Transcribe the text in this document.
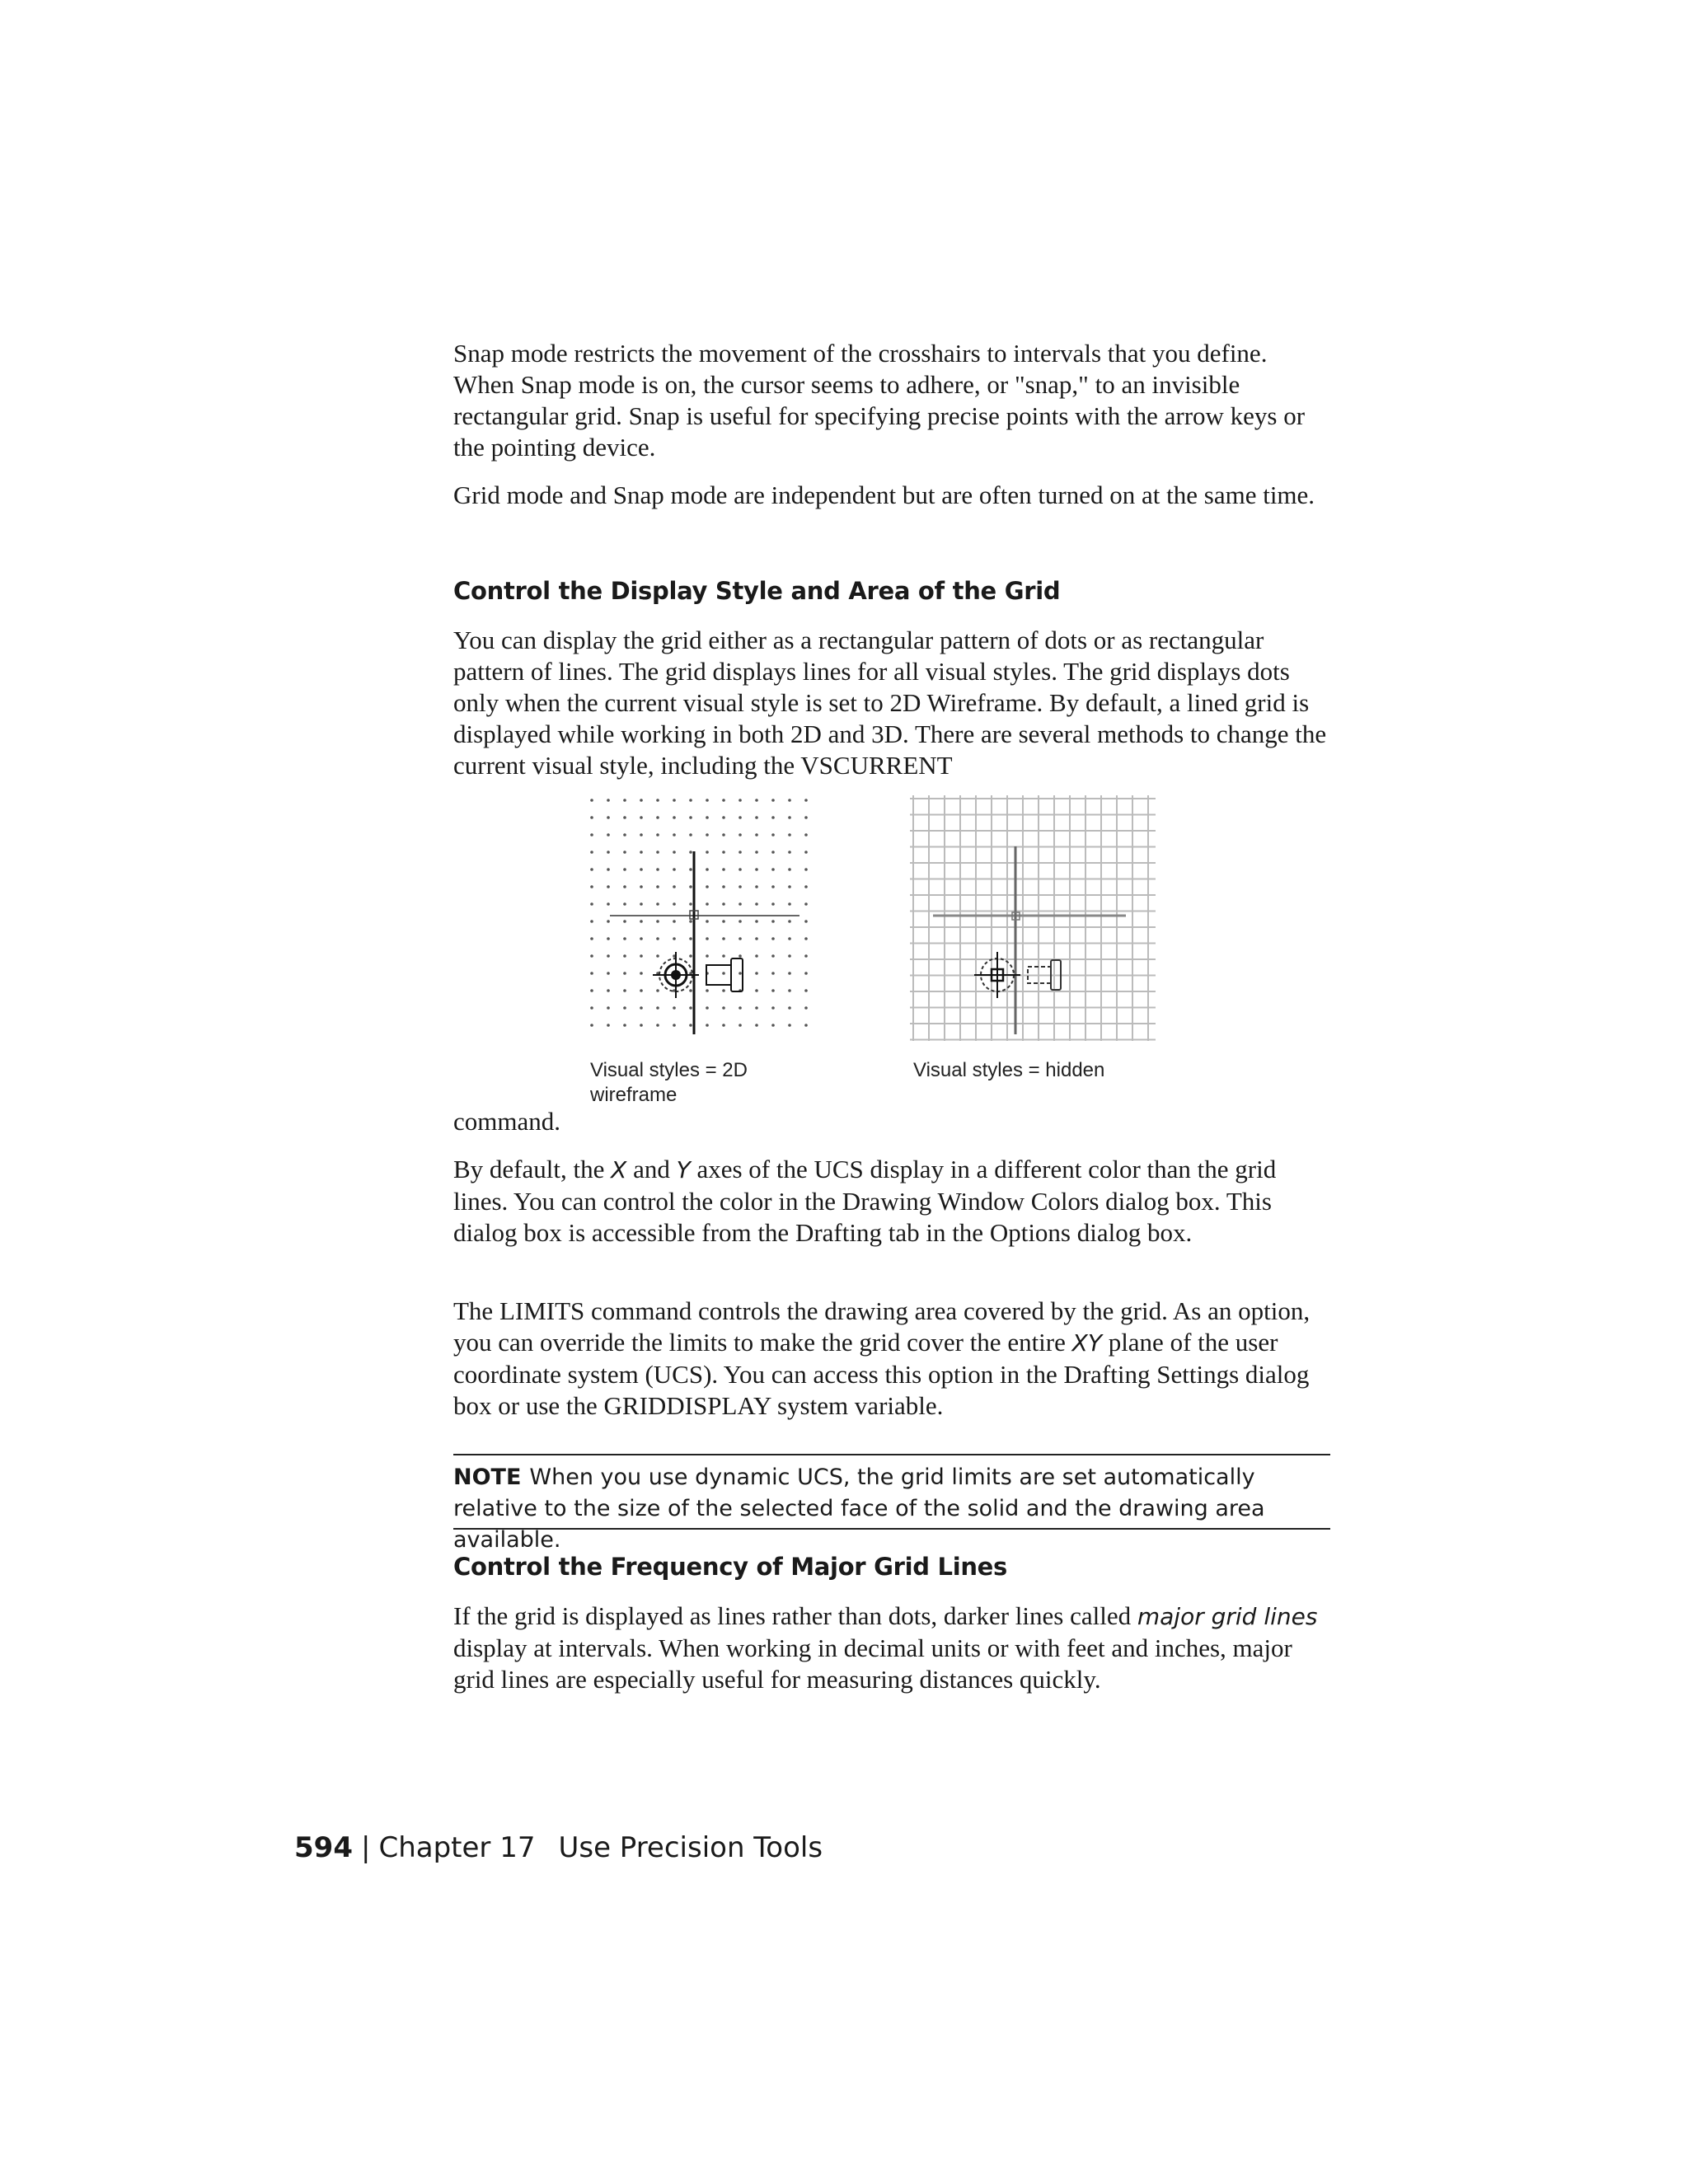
Snap mode restricts the movement of the crosshairs to intervals that you define. When Snap mode is on, the cursor seems to adhere, or "snap," to an invisible rectangular grid. Snap is useful for specifying precise points with the arrow keys or the pointing device.

Grid mode and Snap mode are independent but are often turned on at the same time.

Control the Display Style and Area of the Grid

You can display the grid either as a rectangular pattern of dots or as rectangular pattern of lines. The grid displays lines for all visual styles. The grid displays dots only when the current visual style is set to 2D Wireframe. By default, a lined grid is displayed while working in both 2D and 3D. There are several methods to change the current visual style, including the VSCURRENT

Visual styles = 2D
wireframe
Visual styles = hidden

command.

By default, the X and Y axes of the UCS display in a different color than the grid lines. You can control the color in the Drawing Window Colors dialog box. This dialog box is accessible from the Drafting tab in the Options dialog box.

The LIMITS command controls the drawing area covered by the grid. As an option, you can override the limits to make the grid cover the entire XY plane of the user coordinate system (UCS). You can access this option in the Drafting Settings dialog box or use the GRIDDISPLAY system variable.

NOTE When you use dynamic UCS, the grid limits are set automatically relative to the size of the selected face of the solid and the drawing area available.

Control the Frequency of Major Grid Lines

If the grid is displayed as lines rather than dots, darker lines called major grid lines display at intervals. When working in decimal units or with feet and inches, major grid lines are especially useful for measuring distances quickly.

594 | Chapter 17 Use Precision Tools
